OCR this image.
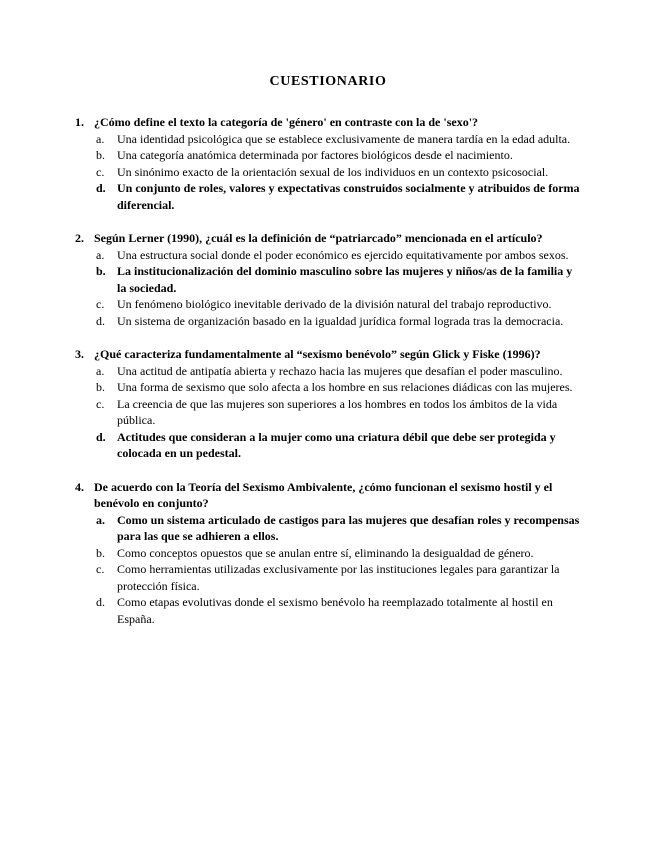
CUESTIONARIO
1. ¿Cómo define el texto la categoría de 'género' en contraste con la de 'sexo'?
a.	Una identidad psicológica que se establece exclusivamente de manera tardía en la edad adulta.
b.	Una categoría anatómica determinada por factores biológicos desde el nacimiento.
c.	Un sinónimo exacto de la orientación sexual de los individuos en un contexto psicosocial.
d. Un conjunto de roles, valores y expectativas construidos socialmente y atribuidos de forma diferencial.
2. Según Lerner (1990), ¿cuál es la definición de “patriarcado” mencionada en el artículo?
a.	Una estructura social donde el poder económico es ejercido equitativamente por ambos sexos.
b. La institucionalización del dominio masculino sobre las mujeres y niños/as de la familia y la sociedad.
c.	Un fenómeno biológico inevitable derivado de la división natural del trabajo reproductivo.
d.	Un sistema de organización basado en la igualdad jurídica formal lograda tras la democracia.
3. ¿Qué caracteriza fundamentalmente al “sexismo benévolo” según Glick y Fiske (1996)?
a.	Una actitud de antipatía abierta y rechazo hacia las mujeres que desafían el poder masculino.
b.	Una forma de sexismo que solo afecta a los hombre en sus relaciones diádicas con las mujeres.
c.	La creencia de que las mujeres son superiores a los hombres en todos los ámbitos de la vida pública.
d. Actitudes que consideran a la mujer como una criatura débil que debe ser protegida y colocada en un pedestal.
4. De acuerdo con la Teoría del Sexismo Ambivalente, ¿cómo funcionan el sexismo hostil y el benévolo en conjunto?
a.	Como un sistema articulado de castigos para las mujeres que desafían roles y recompensas para las que se adhieren a ellos.
b.	Como conceptos opuestos que se anulan entre sí, eliminando la desigualdad de género.
c.	Como herramientas utilizadas exclusivamente por las instituciones legales para garantizar la protección física.
d.	Como etapas evolutivas donde el sexismo benévolo ha reemplazado totalmente al hostil en España.
